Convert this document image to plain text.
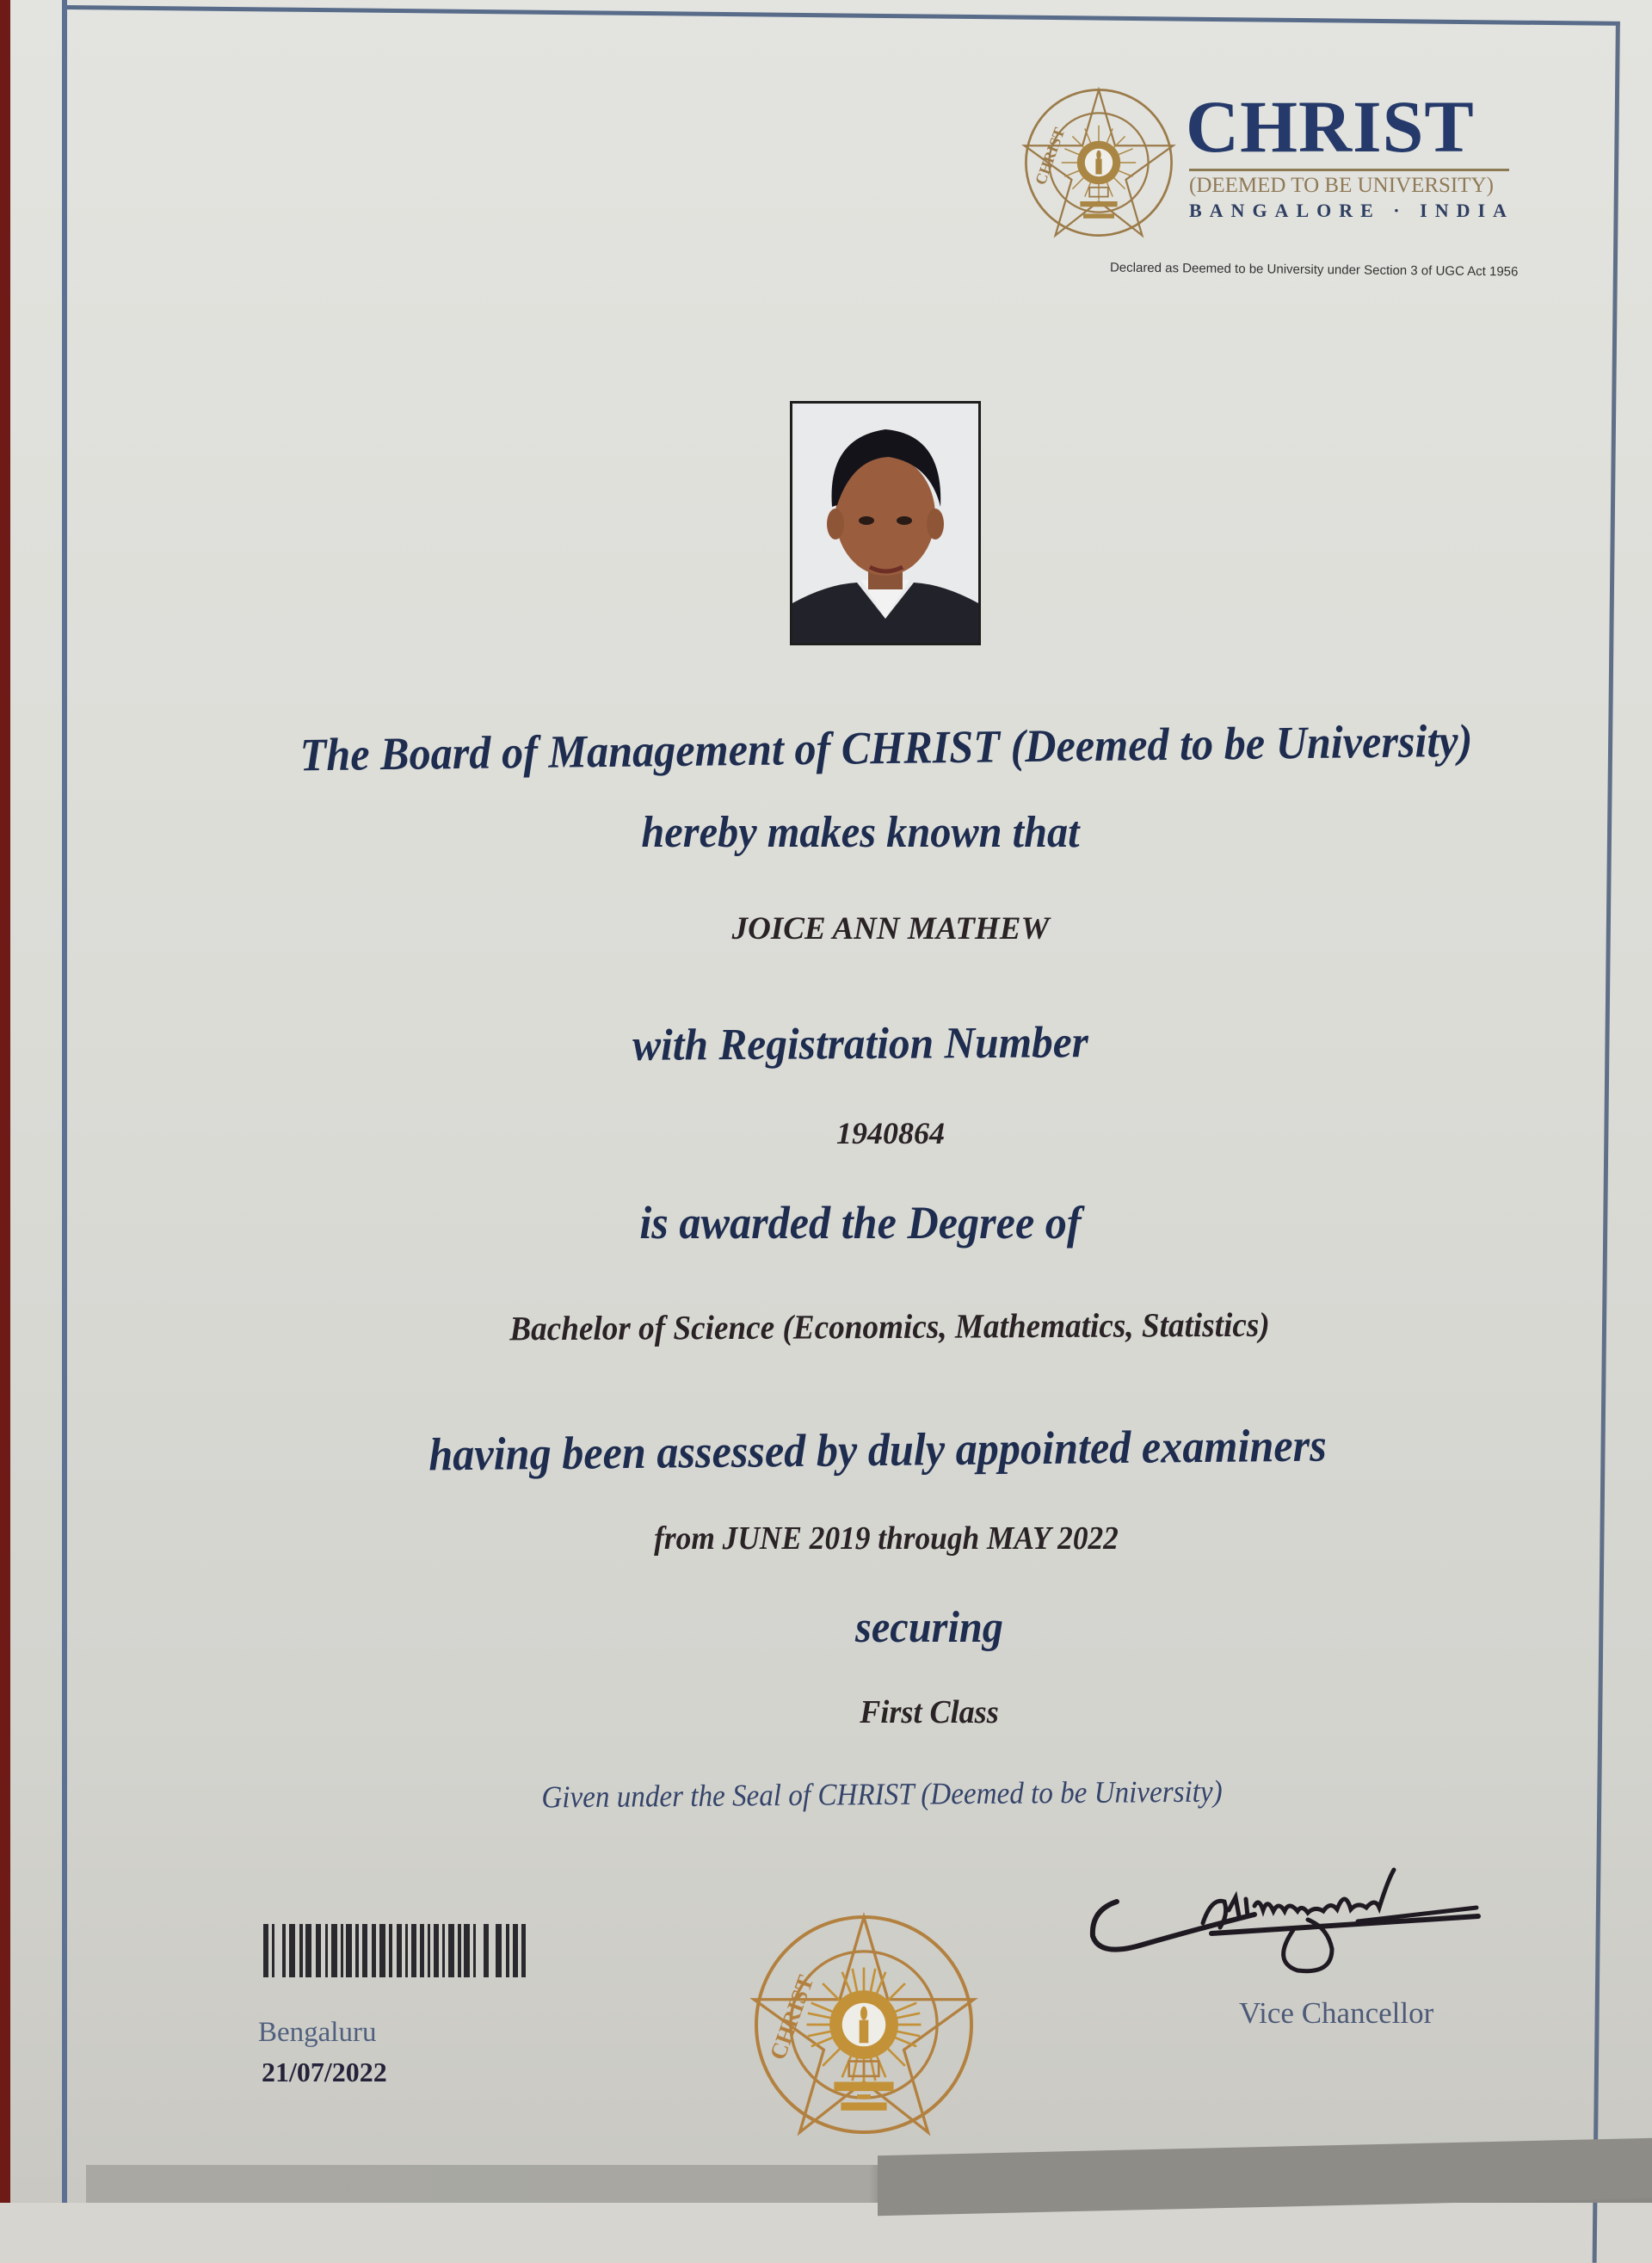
CHRIST CHRIST
(DEEMED TO BE UNIVERSITY)
BANGALORE · INDIA
Declared as Deemed to be University under Section 3 of UGC Act 1956
The Board of Management of CHRIST (Deemed to be University)
hereby makes known that
JOICE ANN MATHEW
with Registration Number
1940864
is awarded the Degree of
Bachelor of Science (Economics, Mathematics, Statistics)
having been assessed by duly appointed examiners
from JUNE 2019 through MAY 2022
securing
First Class
Given under the Seal of CHRIST (Deemed to be University)
Bengaluru
21/07/2022
CHRIST	Vice Chancellor
